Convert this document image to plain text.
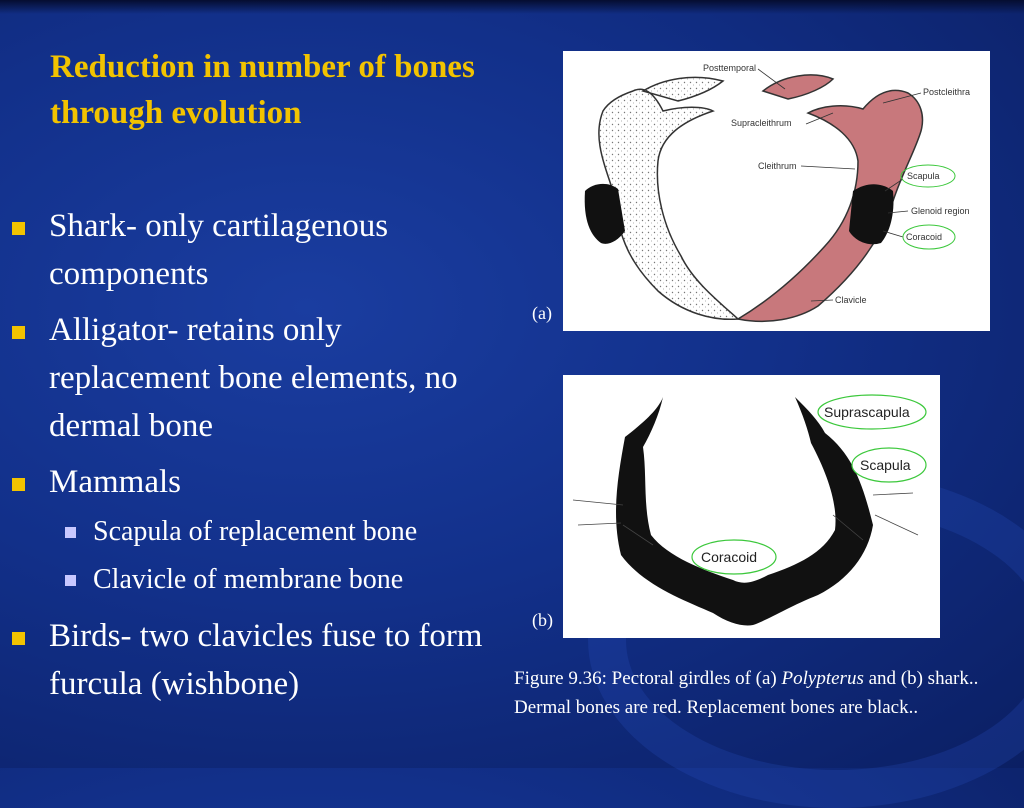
Reduction in number of bones through evolution
Shark- only cartilagenous components
Alligator- retains only replacement bone elements, no dermal bone
Mammals
Scapula of replacement bone
Clavicle of membrane bone
Birds- two clavicles fuse to form furcula (wishbone)
(a)
Posttemporal
Postcleithra
Supracleithrum
Cleithrum
Scapula
Glenoid region
Coracoid
Clavicle
(b)
Suprascapula
Scapula
Coracoid
Figure 9.36: Pectoral girdles of (a) Polypterus and (b) shark.. Dermal bones are red. Replacement bones are black..
